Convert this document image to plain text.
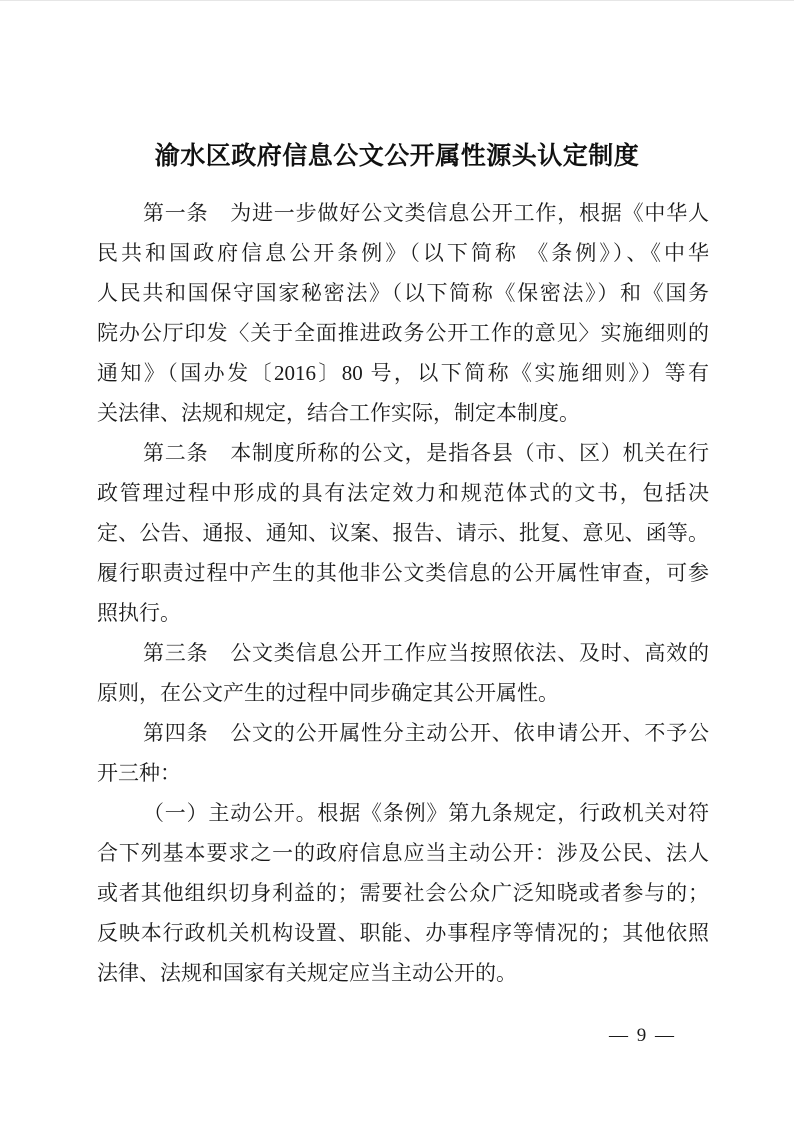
渝水区政府信息公文公开属性源头认定制度

第一条　为进一步做好公文类信息公开工作，根据《中华人

民共和国政府信息公开条例》（以下简称 《条例》）、《中华

人民共和国保守国家秘密法》（以下简称《保密法》）和《国务

院办公厅印发〈关于全面推进政务公开工作的意见〉实施细则的

通知》（国办发〔2016〕80 号，以下简称《实施细则》）等有

关法律、法规和规定，结合工作实际，制定本制度。

第二条　本制度所称的公文，是指各县（市、区）机关在行

政管理过程中形成的具有法定效力和规范体式的文书，包括决

定、公告、通报、通知、议案、报告、请示、批复、意见、函等。

履行职责过程中产生的其他非公文类信息的公开属性审查，可参

照执行。

第三条　公文类信息公开工作应当按照依法、及时、高效的

原则，在公文产生的过程中同步确定其公开属性。

第四条　公文的公开属性分主动公开、依申请公开、不予公

开三种：

（一）主动公开。根据《条例》第九条规定，行政机关对符

合下列基本要求之一的政府信息应当主动公开：涉及公民、法人

或者其他组织切身利益的；需要社会公众广泛知晓或者参与的；

反映本行政机关机构设置、职能、办事程序等情况的；其他依照

法律、法规和国家有关规定应当主动公开的。

— 9 —
